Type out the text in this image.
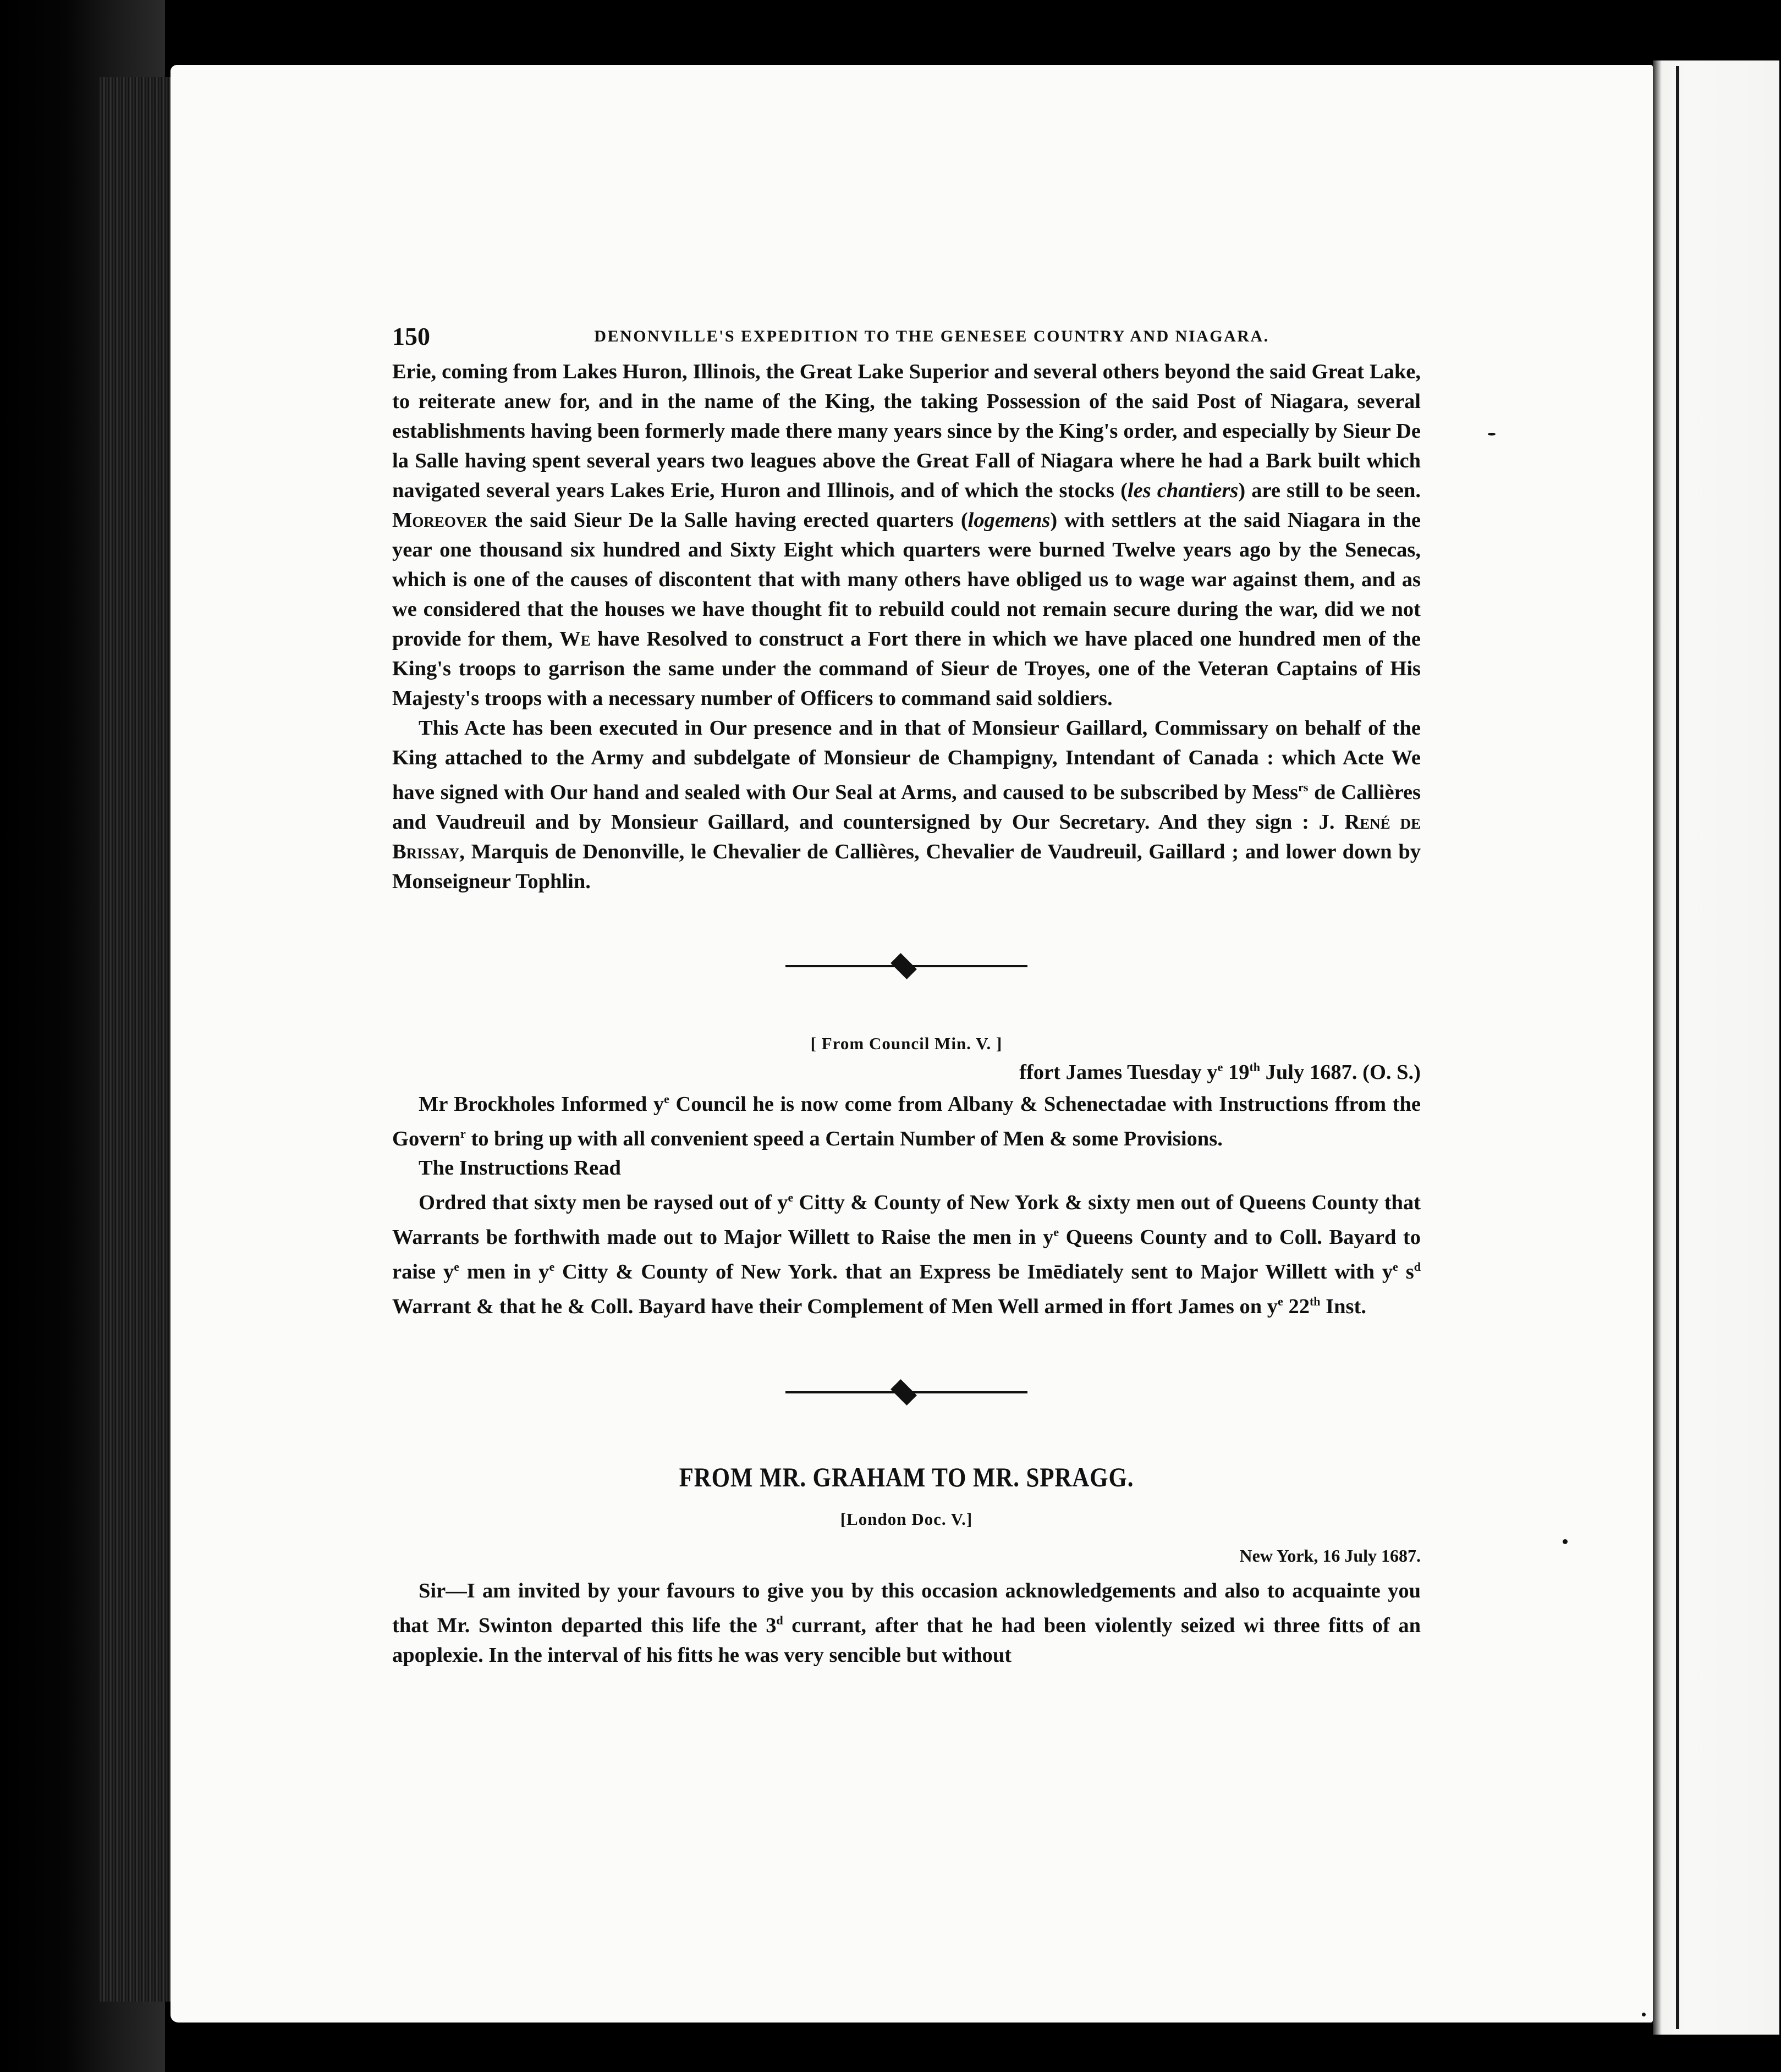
150	DENONVILLE'S EXPEDITION TO THE GENESEE COUNTRY AND NIAGARA.

Erie, coming from Lakes Huron, Illinois, the Great Lake Superior and several others beyond the said Great Lake, to reiterate anew for, and in the name of the King, the taking Possession of the said Post of Niagara, several establishments having been formerly made there many years since by the King's order, and especially by Sieur De la Salle having spent several years two leagues above the Great Fall of Niagara where he had a Bark built which navigated several years Lakes Erie, Huron and Illinois, and of which the stocks (les chantiers) are still to be seen. Moreover the said Sieur De la Salle having erected quarters (logemens) with settlers at the said Niagara in the year one thousand six hundred and Sixty Eight which quarters were burned Twelve years ago by the Senecas, which is one of the causes of discontent that with many others have obliged us to wage war against them, and as we considered that the houses we have thought fit to rebuild could not remain secure during the war, did we not provide for them, We have Resolved to construct a Fort there in which we have placed one hundred men of the King's troops to garrison the same under the command of Sieur de Troyes, one of the Veteran Captains of His Majesty's troops with a necessary number of Officers to command said soldiers.

This Acte has been executed in Our presence and in that of Monsieur Gaillard, Commissary on behalf of the King attached to the Army and subdelgate of Monsieur de Champigny, Intendant of Canada : which Acte We have signed with Our hand and sealed with Our Seal at Arms, and caused to be subscribed by Mess$^{rs}$ de Callières and Vaudreuil and by Monsieur Gaillard, and countersigned by Our Secretary. And they sign : J. René de Brissay, Marquis de Denonville, le Chevalier de Callières, Chevalier de Vaudreuil, Gaillard ; and lower down by Monseigneur Tophlin.

[ From Council Min. V. ]

ffort James Tuesday $y^e$ 19th July 1687. (O. S.)

Mr Brockholes Informed $y^e$ Council he is now come from Albany & Schenectadae with Instructions ffrom the Govern$^r$ to bring up with all convenient speed a Certain Number of Men & some Provisions.

The Instructions Read

Ordred that sixty men be raysed out of $y^e$ Citty & County of New York & sixty men out of Queens County that Warrants be forthwith made out to Major Willett to Raise the men in $y^e$ Queens County and to Coll. Bayard to raise $y^e$ men in $y^e$ Citty & County of New York. that an Express be Imēdiately sent to Major Willett with $y^e$ $s^d$ Warrant & that he & Coll. Bayard have their Complement of Men Well armed in ffort James on $y^e$ 22th Inst.

FROM MR. GRAHAM TO MR. SPRAGG.

[London Doc. V.]

New York, 16 July 1687.

Sir—I am invited by your favours to give you by this occasion acknowledgements and also to acquainte you that Mr. Swinton departed this life the 3$^d$ currant, after that he had been violently seized wi three fitts of an apoplexie. In the interval of his fitts he was very sencible but without
